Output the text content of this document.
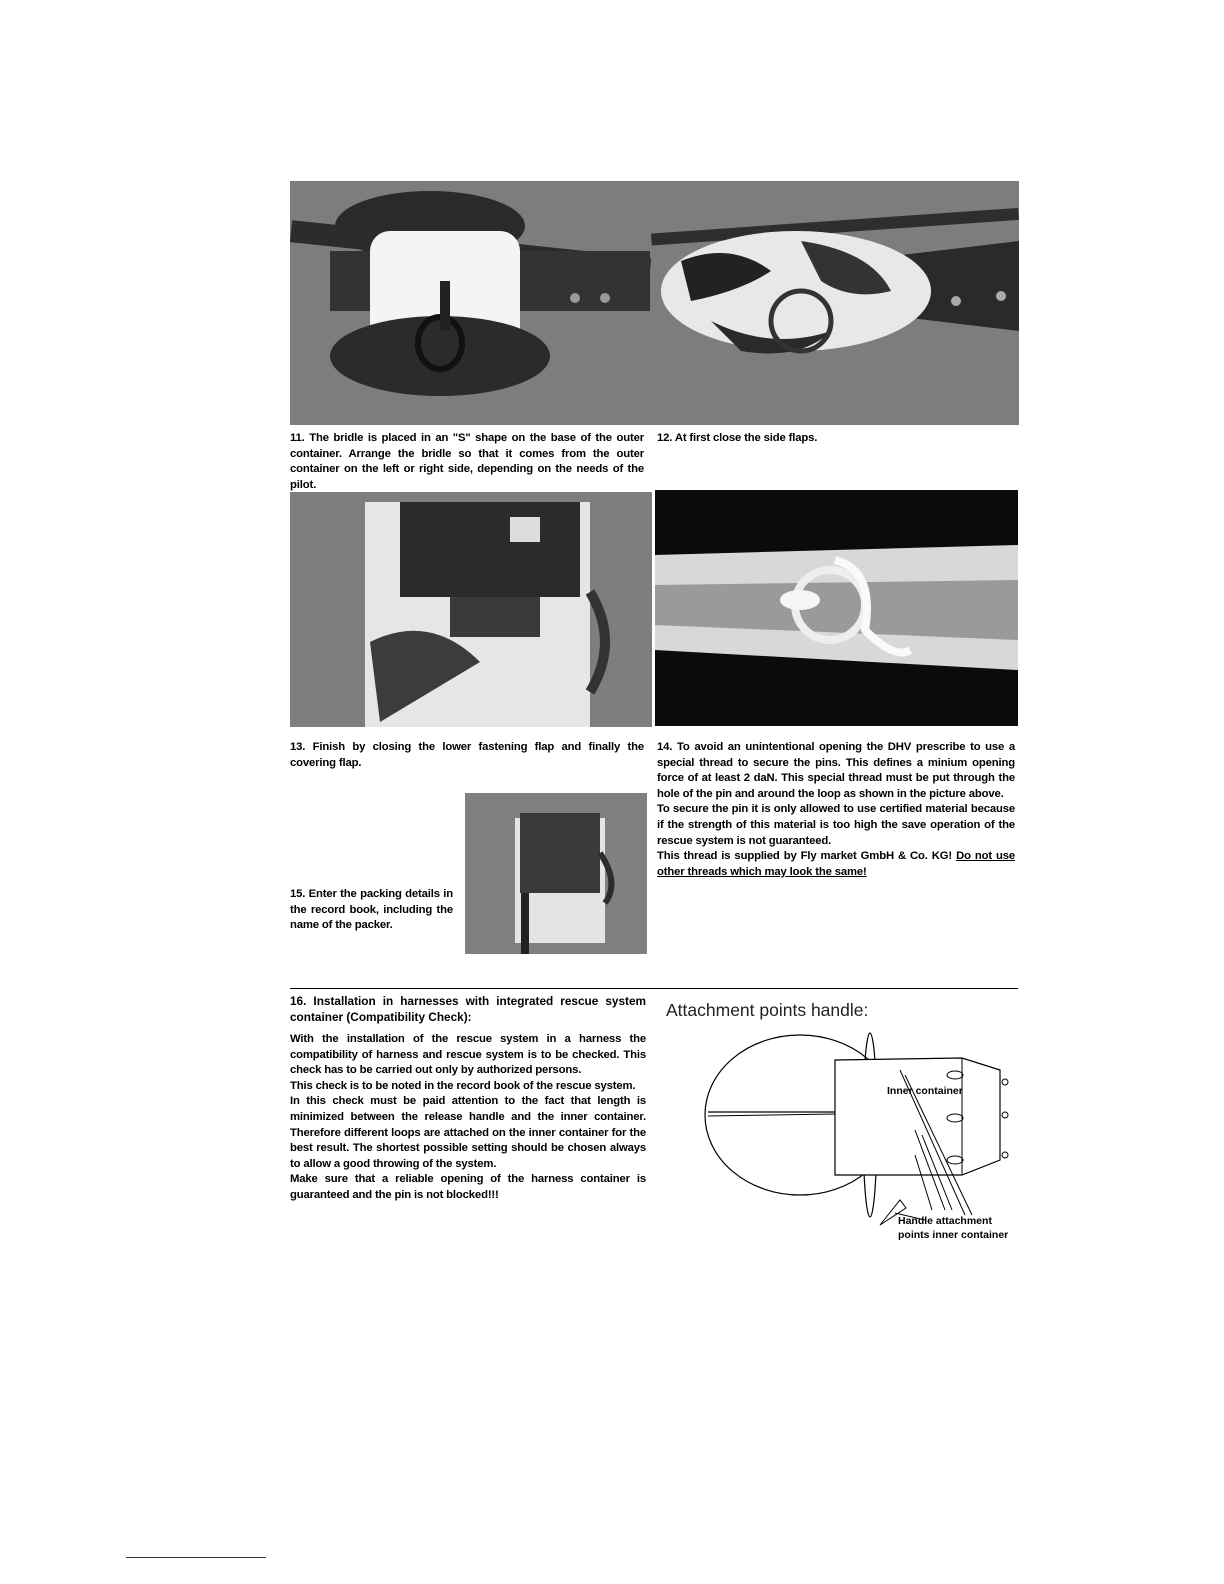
11. The bridle is placed in an "S" shape on the base of the outer container. Arrange the bridle so that it comes from the outer container on the left or right side, depending on the needs of the pilot.
12. At first close the side flaps.
13. Finish by closing the lower fastening flap and finally the covering flap.

14. To avoid an unintentional opening the DHV prescribe to use a special thread to secure the pins. This defines a minium opening force of at least 2 daN. This special thread must be put through the hole of the pin and around the loop as shown in the picture above.

To secure the pin it is only allowed to use certified material because if the strength of this material is too high the save operation of the rescue system is not guaranteed.

This thread is supplied by Fly market GmbH & Co. KG! Do not use other threads which may look the same!

15. Enter the packing details in the record book, including the name of the packer.
16. Installation in harnesses with integrated rescue system container (Compatibility Check):

With the installation of the rescue system in a harness the compatibility of harness and rescue system is to be checked. This check has to be carried out only by authorized persons.

This check is to be noted in the record book of the rescue system.

In this check must be paid attention to the fact that length is minimized between the release handle and the inner container. Therefore different loops are attached on the inner container for the best result. The shortest possible setting should be chosen always to allow a good throwing of the system.

Make sure that a reliable opening of the harness container is guaranteed and the pin is not blocked!!!

Attachment points handle:
Inner container
Handle attachment
points inner container
